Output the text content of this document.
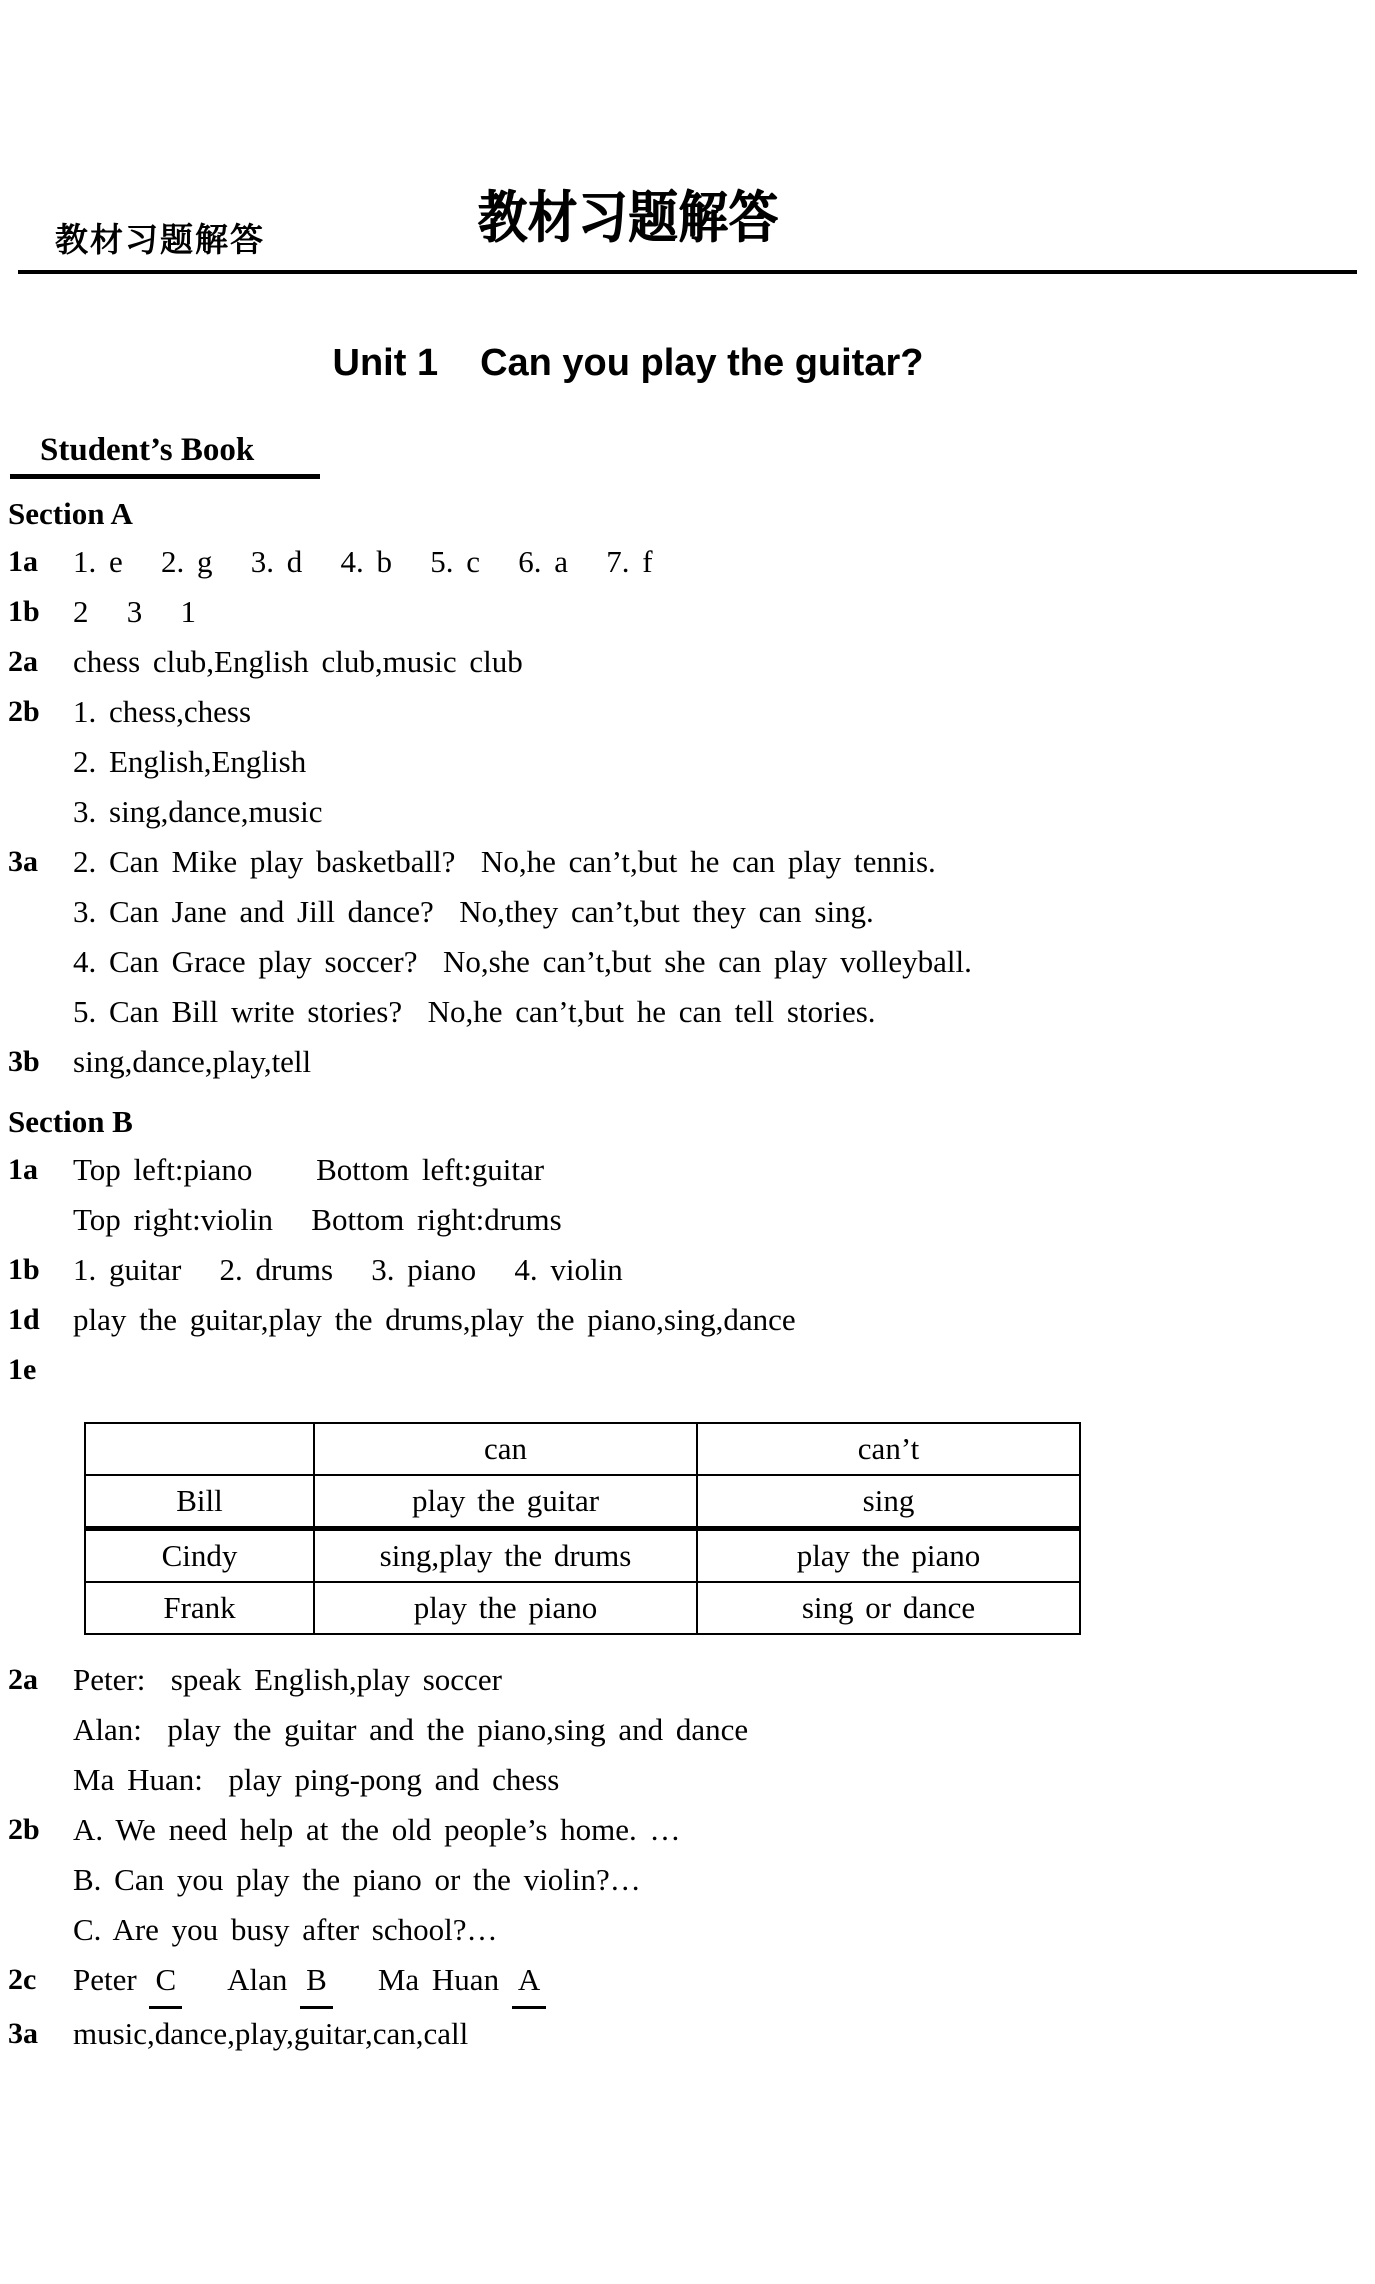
教材习题解答	教材习题解答
Unit 1 Can you play the guitar?
Student’s Book
Section A
1a 1. e   2. g   3. d   4. b   5. c   6. a   7. f
1b 2   3   1
2a chess club,English club,music club
2b 1. chess,chess
2. English,English
3. sing,dance,music
3a 2. Can Mike play basketball?  No,he can’t,but he can play tennis.
3. Can Jane and Jill dance?  No,they can’t,but they can sing.
4. Can Grace play soccer?  No,she can’t,but she can play volleyball.
5. Can Bill write stories?  No,he can’t,but he can tell stories.
3b sing,dance,play,tell
Section B
1a Top left:piano     Bottom left:guitar
Top right:violin   Bottom right:drums
1b 1. guitar   2. drums   3. piano   4. violin
1d play the guitar,play the drums,play the piano,sing,dance
1e

	can	can’t
Bill	play the guitar	sing
Cindy	sing,play the drums	play the piano
Frank	play the piano	sing or dance
2a Peter:  speak English,play soccer
Alan:  play the guitar and the piano,sing and dance
Ma Huan:  play ping-pong and chess
2b A. We need help at the old people’s home. …
B. Can you play the piano or the violin?…
C. Are you busy after school?…
2c Peter C Alan B Ma Huan A
3a music,dance,play,guitar,can,call
